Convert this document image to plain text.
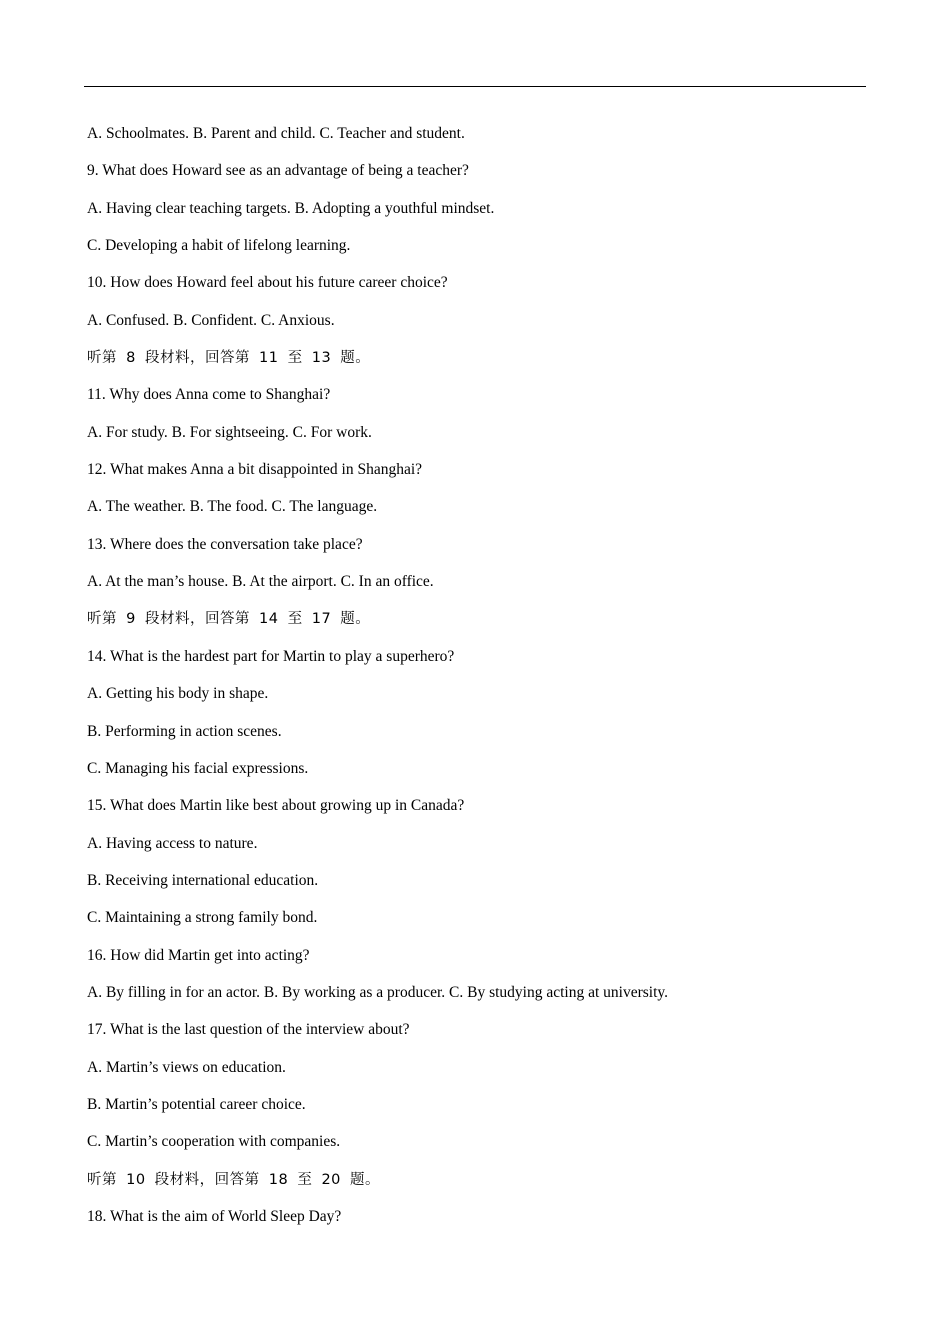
A. Schoolmates. B. Parent and child. C. Teacher and student.
9. What does Howard see as an advantage of being a teacher?
A. Having clear teaching targets. B. Adopting a youthful mindset.
C. Developing a habit of lifelong learning.
10. How does Howard feel about his future career choice?
A. Confused. B. Confident. C. Anxious.
听第 8 段材料，回答第 11 至 13 题。
11. Why does Anna come to Shanghai?
A. For study. B. For sightseeing. C. For work.
12. What makes Anna a bit disappointed in Shanghai?
A. The weather. B. The food. C. The language.
13. Where does the conversation take place?
A. At the man’s house. B. At the airport. C. In an office.
听第 9 段材料，回答第 14 至 17 题。
14. What is the hardest part for Martin to play a superhero?
A. Getting his body in shape.
B. Performing in action scenes.
C. Managing his facial expressions.
15. What does Martin like best about growing up in Canada?
A. Having access to nature.
B. Receiving international education.
C. Maintaining a strong family bond.
16. How did Martin get into acting?
A. By filling in for an actor. B. By working as a producer. C. By studying acting at university.
17. What is the last question of the interview about?
A. Martin’s views on education.
B. Martin’s potential career choice.
C. Martin’s cooperation with companies.
听第 10 段材料，回答第 18 至 20 题。
18. What is the aim of World Sleep Day?
